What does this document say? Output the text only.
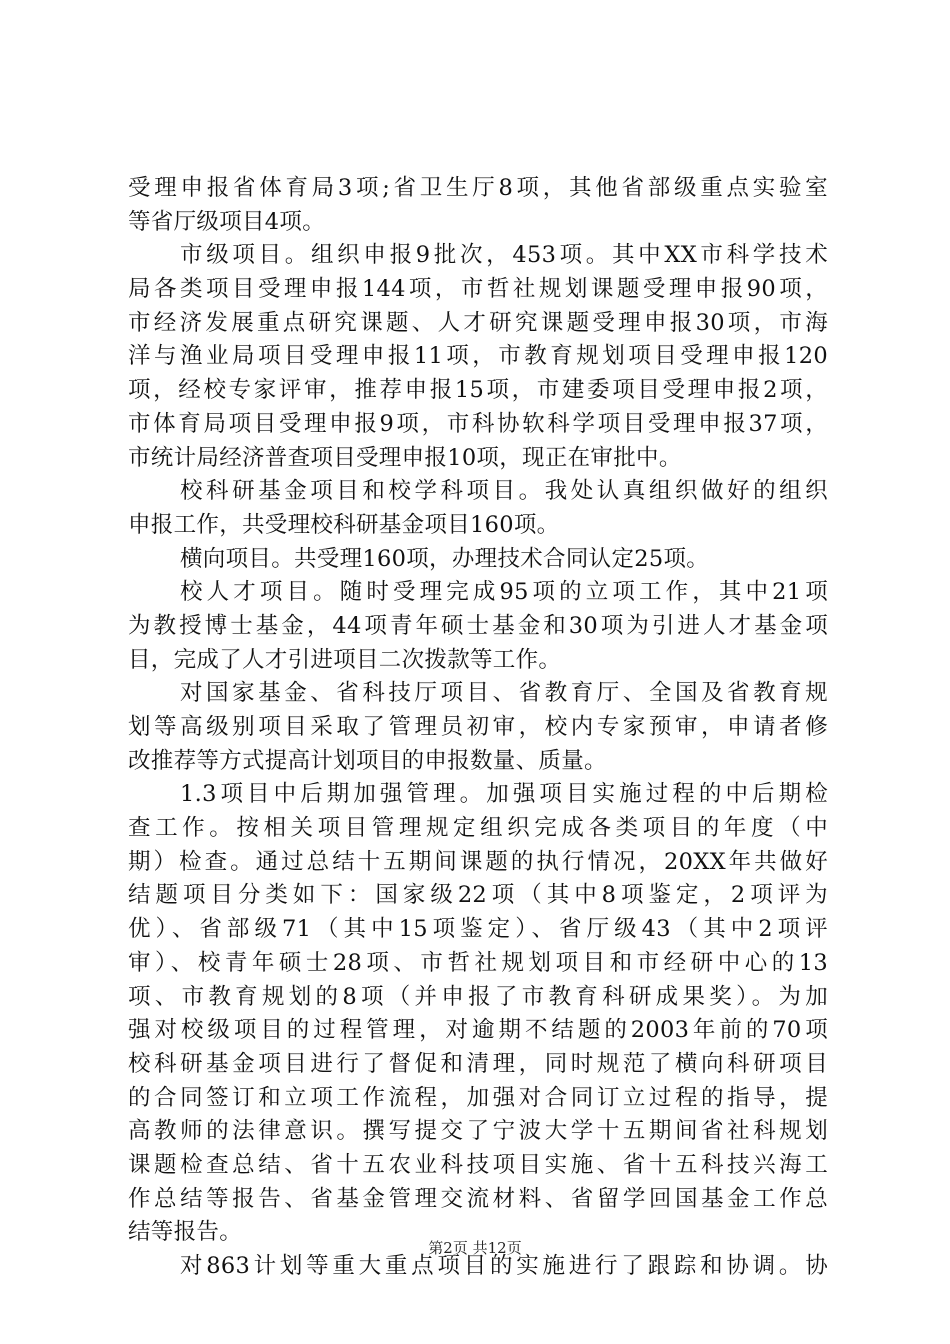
受理申报省体育局3项;省卫生厅8项，其他省部级重点实验室
等省厅级项目4项。
市级项目。组织申报9批次，453项。其中XX市科学技术
局各类项目受理申报144项，市哲社规划课题受理申报90项，
市经济发展重点研究课题、人才研究课题受理申报30项，市海
洋与渔业局项目受理申报11项，市教育规划项目受理申报120
项，经校专家评审，推荐申报15项，市建委项目受理申报2项，
市体育局项目受理申报9项，市科协软科学项目受理申报37项，
市统计局经济普查项目受理申报10项，现正在审批中。
校科研基金项目和校学科项目。我处认真组织做好的组织
申报工作，共受理校科研基金项目160项。
横向项目。共受理160项，办理技术合同认定25项。
校人才项目。随时受理完成95项的立项工作，其中21项
为教授博士基金，44项青年硕士基金和30项为引进人才基金项
目，完成了人才引进项目二次拨款等工作。
对国家基金、省科技厅项目、省教育厅、全国及省教育规
划等高级别项目采取了管理员初审，校内专家预审，申请者修
改推荐等方式提高计划项目的申报数量、质量。
1.3项目中后期加强管理。加强项目实施过程的中后期检
查工作。按相关项目管理规定组织完成各类项目的年度（中
期）检查。通过总结十五期间课题的执行情况，20XX年共做好
结题项目分类如下：国家级22项（其中8项鉴定，2项评为
优）、省部级71（其中15项鉴定）、省厅级43（其中2项评
审）、校青年硕士28项、市哲社规划项目和市经研中心的13
项、市教育规划的8项（并申报了市教育科研成果奖）。为加
强对校级项目的过程管理，对逾期不结题的2003年前的70项
校科研基金项目进行了督促和清理，同时规范了横向科研项目
的合同签订和立项工作流程，加强对合同订立过程的指导，提
高教师的法律意识。撰写提交了宁波大学十五期间省社科规划
课题检查总结、省十五农业科技项目实施、省十五科技兴海工
作总结等报告、省基金管理交流材料、省留学回国基金工作总
结等报告。
对863计划等重大重点项目的实施进行了跟踪和协调。协
第2页 共12页
